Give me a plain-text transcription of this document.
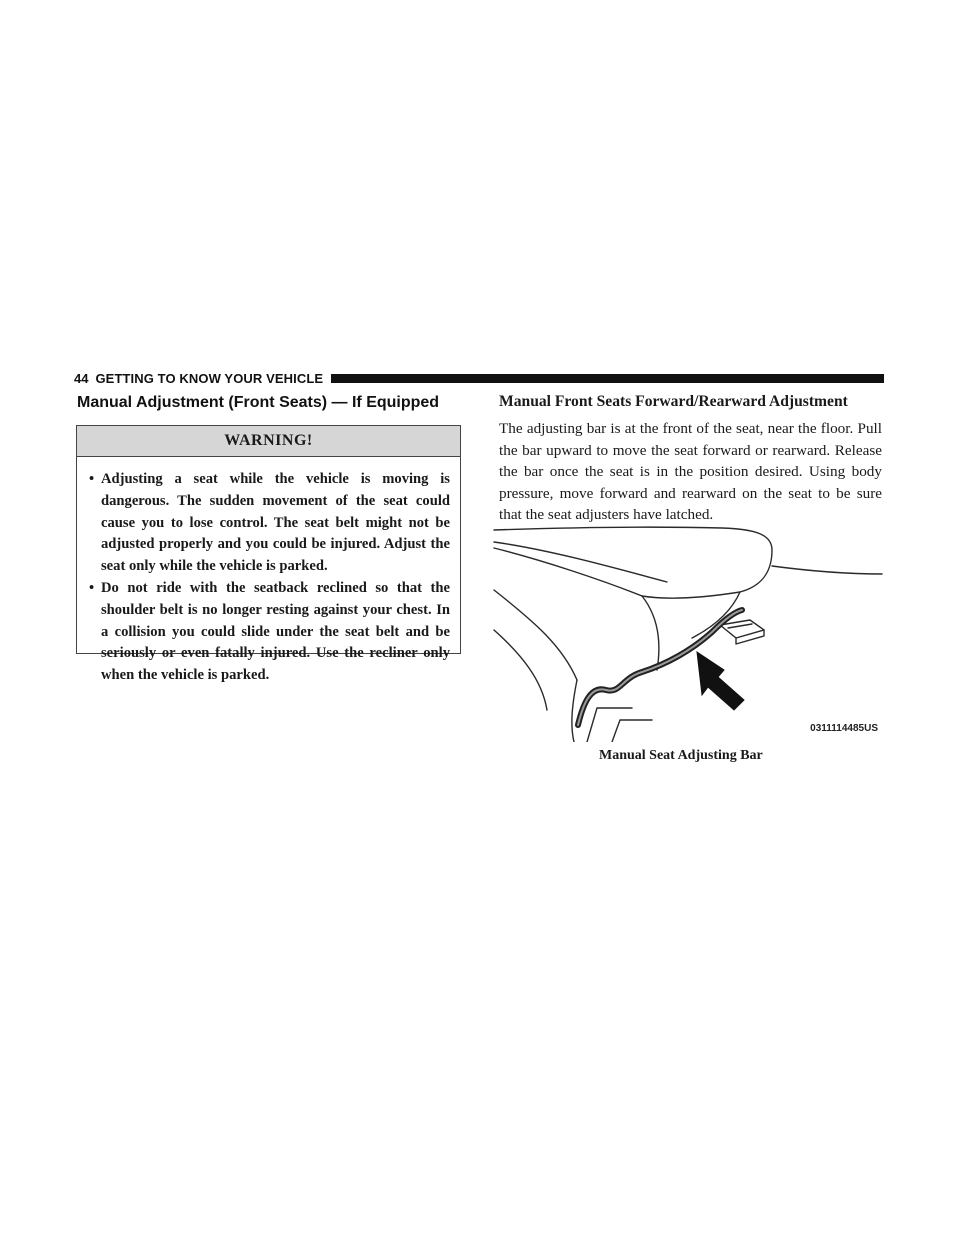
44 GETTING TO KNOW YOUR VEHICLE
Manual Adjustment (Front Seats) — If Equipped
WARNING!
• Adjusting a seat while the vehicle is moving is dangerous. The sudden movement of the seat could cause you to lose control. The seat belt might not be adjusted properly and you could be injured. Adjust the seat only while the vehicle is parked.
• Do not ride with the seatback reclined so that the shoulder belt is no longer resting against your chest. In a collision you could slide under the seat belt and be seriously or even fatally injured. Use the recliner only when the vehicle is parked.
Manual Front Seats Forward/Rearward Adjustment

The adjusting bar is at the front of the seat, near the floor. Pull the bar upward to move the seat forward or rearward. Release the bar once the seat is in the position desired. Using body pressure, move forward and rearward on the seat to be sure that the seat adjusters have latched.

0311114485US
Manual Seat Adjusting Bar
